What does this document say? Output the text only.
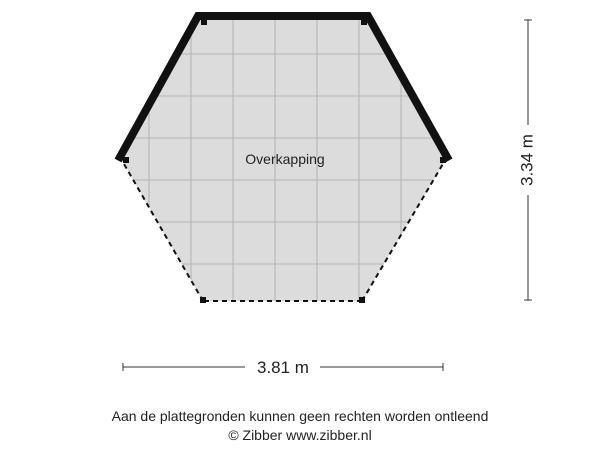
Overkapping
3.81 m
3.34 m
Aan de plattegronden kunnen geen rechten worden ontleend
© Zibber www.zibber.nl
